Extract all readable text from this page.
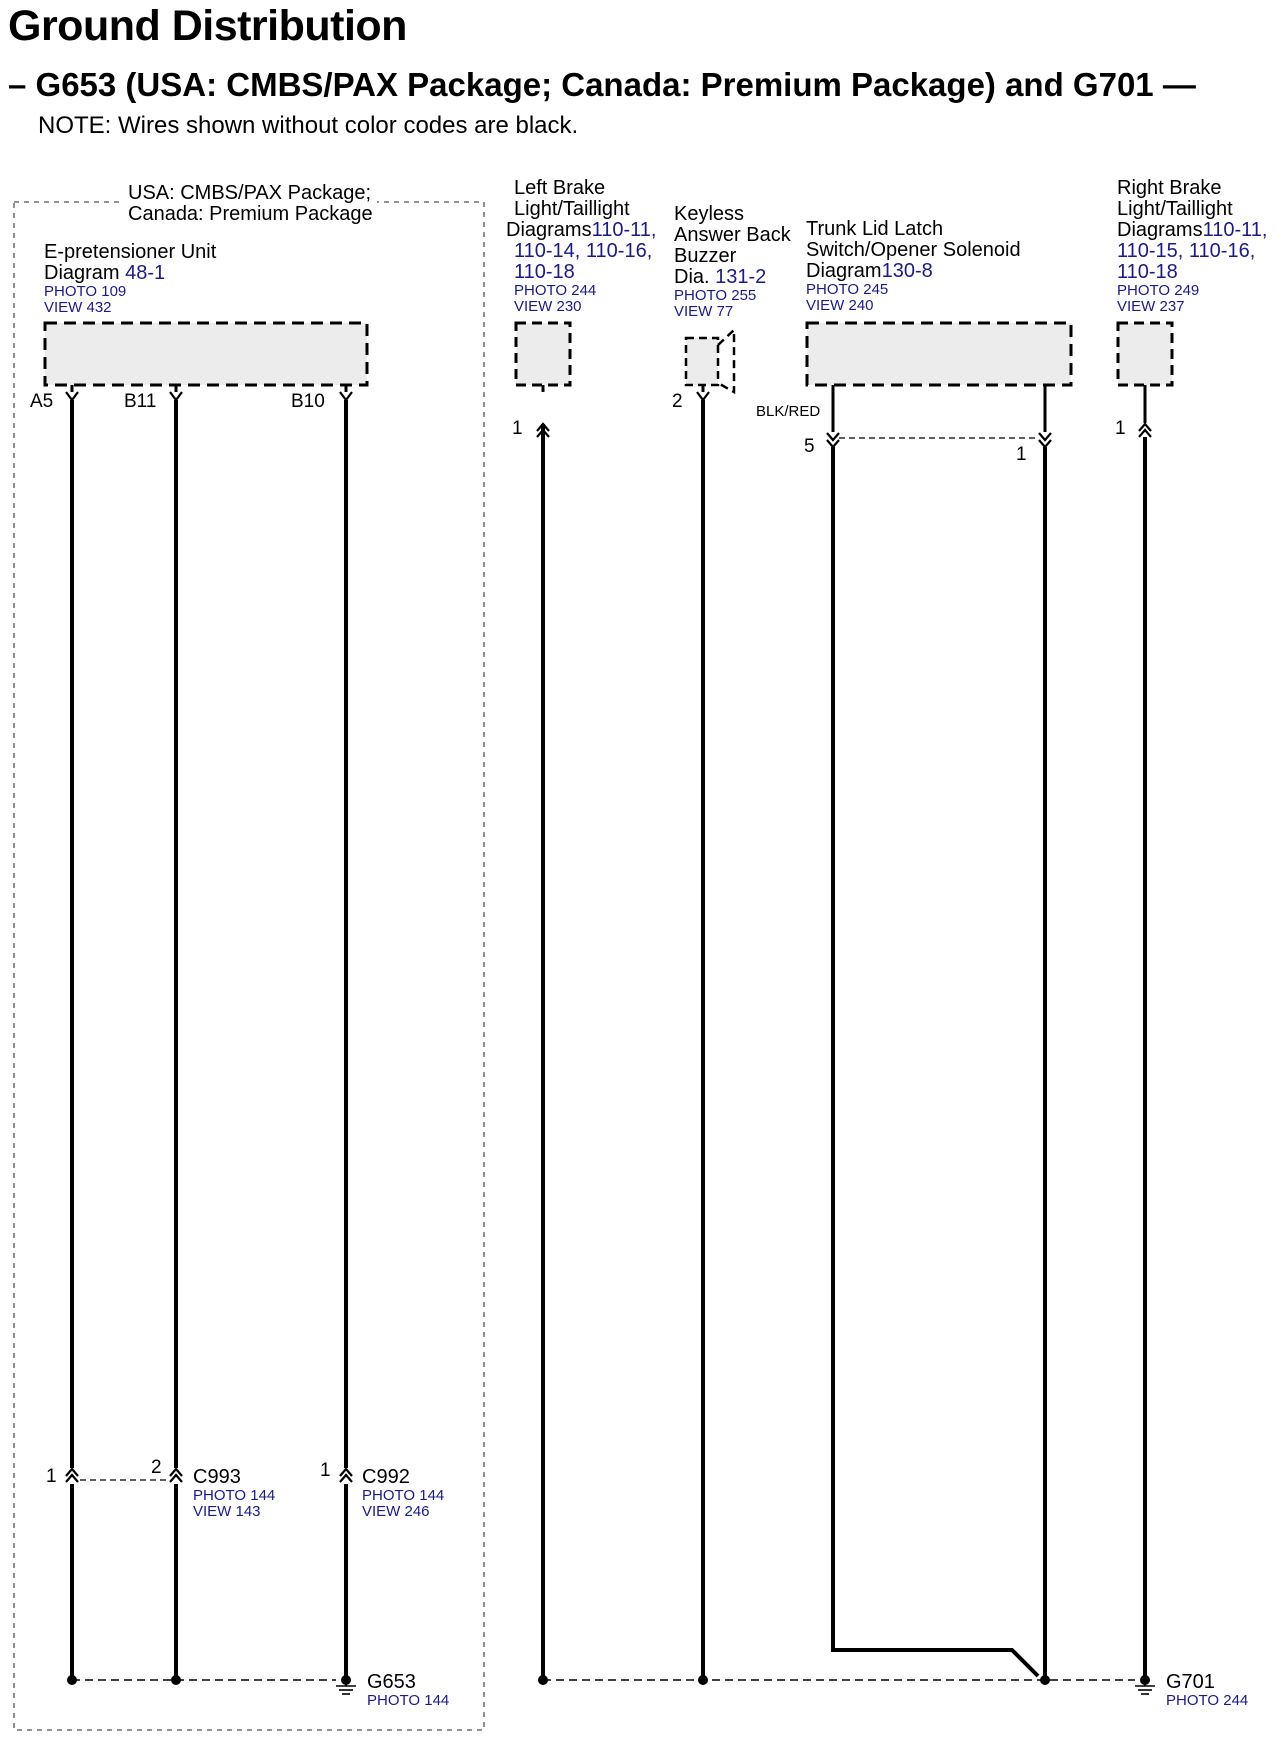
Ground Distribution
– G653 (USA: CMBS/PAX Package; Canada: Premium Package) and G701 —
NOTE: Wires shown without color codes are black.
USA: CMBS/PAX Package;
Canada: Premium Package
E-pretensioner Unit
Diagram 48-1
PHOTO 109
VIEW 432
A5	B11	B10
Left Brake
Light/Taillight
Diagrams110-11,
110-14, 110-16,
110-18
PHOTO 244
VIEW 230
1
Keyless
Answer Back
Buzzer
Dia. 131-2
PHOTO 255
VIEW 77
2
Trunk Lid Latch
Switch/Opener Solenoid
Diagram130-8
PHOTO 245
VIEW 240
BLK/RED
5	1
Right Brake
Light/Taillight
Diagrams110-11,
110-15, 110-16,
110-18
PHOTO 249
VIEW 237
1
1	2 C993
PHOTO 144
VIEW 143
1 C992
PHOTO 144
VIEW 246
G653
PHOTO 144
G701
PHOTO 244
